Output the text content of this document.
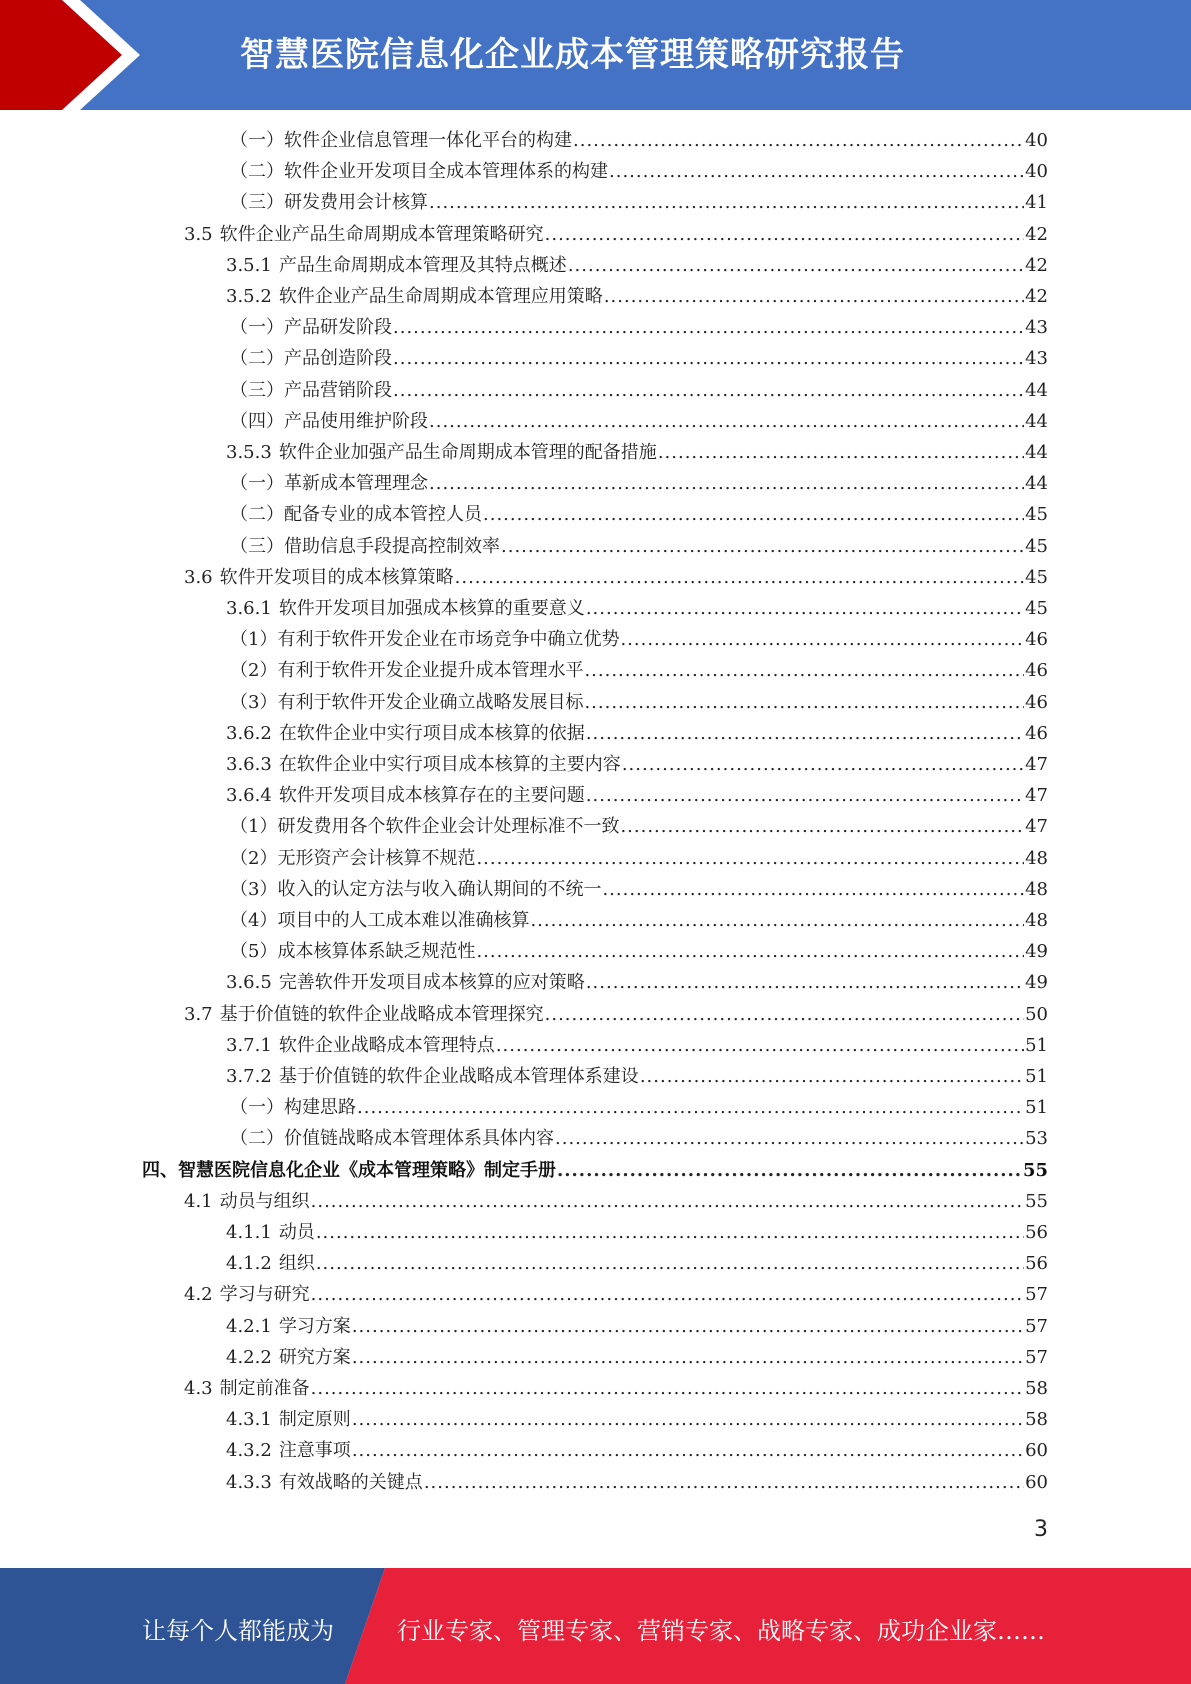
智慧医院信息化企业成本管理策略研究报告
（一）软件企业信息管理一体化平台的构建 .....	40
（二）软件企业开发项目全成本管理体系的构建 .....	40
（三）研发费用会计核算 .....	41
3.5 软件企业产品生命周期成本管理策略研究 .....	42
3.5.1 产品生命周期成本管理及其特点概述 .....	42
3.5.2 软件企业产品生命周期成本管理应用策略 .....	42
（一）产品研发阶段 .....	43
（二）产品创造阶段 .....	43
（三）产品营销阶段 .....	44
（四）产品使用维护阶段 .....	44
3.5.3 软件企业加强产品生命周期成本管理的配备措施 .....	44
（一）革新成本管理理念 .....	44
（二）配备专业的成本管控人员 .....	45
（三）借助信息手段提高控制效率 .....	45
3.6 软件开发项目的成本核算策略 .....	45
3.6.1 软件开发项目加强成本核算的重要意义 .....	45
（1）有利于软件开发企业在市场竞争中确立优势 .....	46
（2）有利于软件开发企业提升成本管理水平 .....	46
（3）有利于软件开发企业确立战略发展目标 .....	46
3.6.2 在软件企业中实行项目成本核算的依据 .....	46
3.6.3 在软件企业中实行项目成本核算的主要内容 .....	47
3.6.4 软件开发项目成本核算存在的主要问题 .....	47
（1）研发费用各个软件企业会计处理标准不一致 .....	47
（2）无形资产会计核算不规范 .....	48
（3）收入的认定方法与收入确认期间的不统一 .....	48
（4）项目中的人工成本难以准确核算 .....	48
（5）成本核算体系缺乏规范性 .....	49
3.6.5 完善软件开发项目成本核算的应对策略 .....	49
3.7 基于价值链的软件企业战略成本管理探究 .....	50
3.7.1 软件企业战略成本管理特点 .....	51
3.7.2 基于价值链的软件企业战略成本管理体系建设 .....	51
（一）构建思路 .....	51
（二）价值链战略成本管理体系具体内容 .....	53
四、智慧医院信息化企业《成本管理策略》制定手册 .....	55
4.1 动员与组织 .....	55
4.1.1 动员 .....	56
4.1.2 组织 .....	56
4.2 学习与研究 .....	57
4.2.1 学习方案 .....	57
4.2.2 研究方案 .....	57
4.3 制定前准备 .....	58
4.3.1 制定原则 .....	58
4.3.2 注意事项 .....	60
4.3.3 有效战略的关键点 .....	60
3
让每个人都能成为	行业专家、管理专家、营销专家、战略专家、成功企业家……
